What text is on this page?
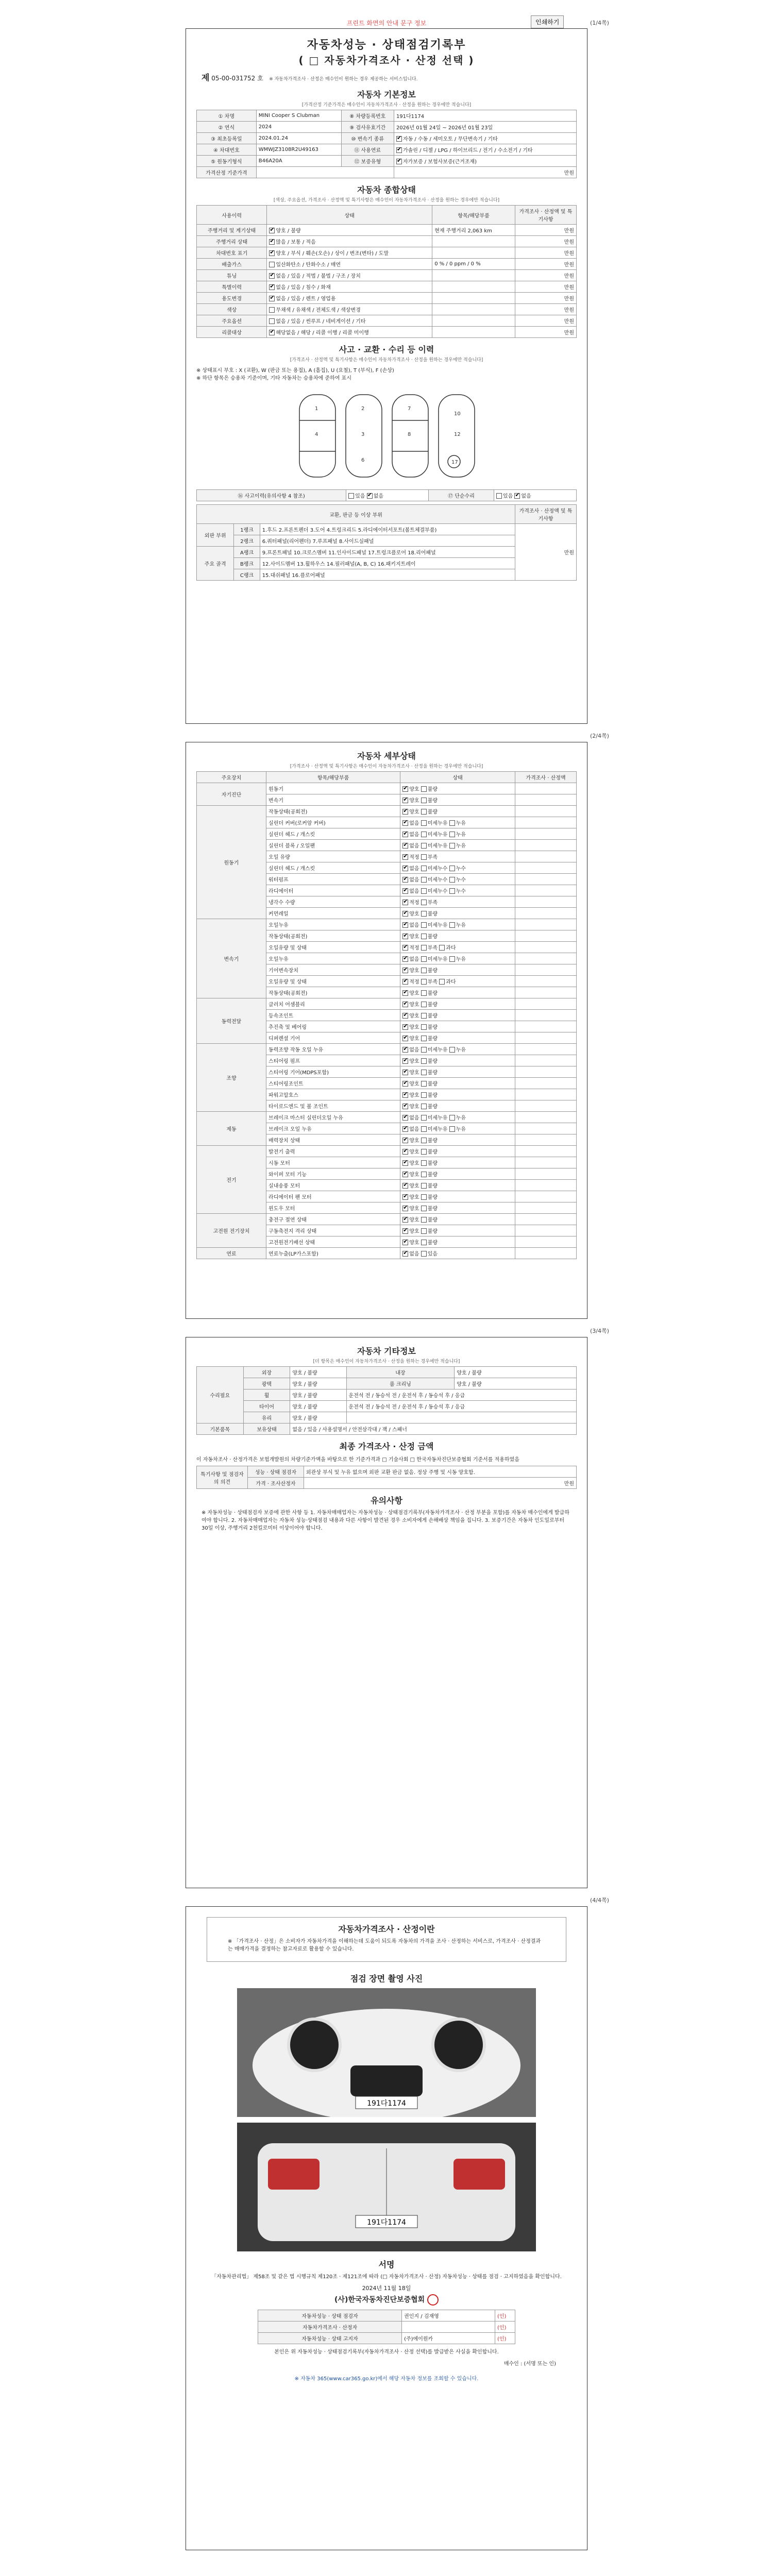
프린트 화면의 안내 문구 정보	인쇄하기	(1/4쪽)
자동차성능 · 상태점검기록부
( □ 자동차가격조사 · 산정 선택 )
제 05-00-031752 호 ※ 자동차가격조사 · 산정은 매수인이 원하는 경우 제공하는 서비스입니다.
자동차 기본정보
[가격산정 기준가격은 매수인이 자동차가격조사 · 산정을 원하는 경우에만 적습니다]
① 차명	MINI Cooper S Clubman	⑧ 차량등록번호	191다1174
② 연식	2024	⑨ 검사유효기간	2026년 01월 24일 ~ 2026년 01월 23일
③ 최초등록일	2024.01.24	⑩ 변속기 종류	✔자동 / 수동 / 세미오토 / 무단변속기 / 기타
④ 차대번호	WMWJZ3108R2U49163	⑪ 사용연료	✔가솔린 / 디젤 / LPG / 하이브리드 / 전기 / 수소전기 / 기타
⑤ 원동기형식	B46A20A	⑫ 보증유형	✔자가보증 / 보험사보증(근거조재)
가격산정 기준가격			만원
자동차 종합상태
[색상, 주요옵션, 가격조사 · 산정액 및 특기사항은 매수인이 자동차가격조사 · 산정을 원하는 경우에만 적습니다]
사용이력	상태	항목/해당부품	가격조사 · 산정액 및 특기사항
주행거리 및 계기상태	✔양호 / 불량	현재 주행거리 2,063 km	만원
주행거리 상태	✔많음 / 보통 / 적음		만원
차대번호 표기	✔양호 / 부식 / 훼손(오손) / 상이 / 변조(변타) / 도말		만원
배출가스	일산화탄소 / 탄화수소 / 매연	0 % / 0 ppm / 0 %	만원
튜닝	✔없음 / 있음 / 적법 / 불법 / 구조 / 장치		만원
특별이력	✔없음 / 있음 / 침수 / 화재		만원
용도변경	✔없음 / 있음 / 렌트 / 영업용		만원
색상	무채색 / 유채색 / 전체도색 / 색상변경		만원
주요옵션	없음 / 있음 / 썬루프 / 네비게이션 / 기타		만원
리콜대상	✔해당없음 / 해당 / 리콜 이행 / 리콜 미이행		만원
사고 · 교환 · 수리 등 이력
[가격조사 · 산정액 및 특기사항은 매수인이 자동차가격조사 · 산정을 원하는 경우에만 적습니다]
※ 상태표시 부호 : X (교환), W (판금 또는 용접), A (흠집), U (요철), T (부식), F (손상)
※ 하단 항목은 승용차 기준이며, 기타 자동차는 승용차에 준하여 표시
1
4
2
3
6
7
8
10
12
17
⑯ 사고이력(유의사항 4 참조)	있음 ✔ 없음	⑰ 단순수리	있음 ✔ 없음
교환, 판금 등 이상 부위			가격조사 · 산정액 및 특기사항
외판 부위	1랭크	1.후드 2.프론트펜더 3.도어 4.트렁크리드 5.라디에이터서포트(볼트체결부품)	만원
	2랭크	6.쿼터패널(리어펜더) 7.루프패널 8.사이드실패널	
주요 골격	A랭크	9.프론트패널 10.크로스멤버 11.인사이드패널 17.트렁크플로어 18.리어패널	
	B랭크	12.사이드멤버 13.휠하우스 14.필러패널(A, B, C) 16.패키지트레이	
	C랭크	15.대쉬패널 16.플로어패널	
(2/4쪽)
자동차 세부상태
[가격조사 · 산정액 및 특기사항은 매수인이 자동차가격조사 · 산정을 원하는 경우에만 적습니다]
주요장치	항목/해당부품	상태	가격조사 · 산정액
자기진단	원동기	✔양호 불량	
	변속기	✔양호 불량	
원동기	작동상태(공회전)	✔양호 불량	
	실린더 커버(로커암 커버)	✔없음 미세누유 누유	
	실린더 헤드 / 개스킷	✔없음 미세누유 누유	
	실린더 블록 / 오일팬	✔없음 미세누유 누유	
	오일 유량	✔적정 부족	
	실린더 헤드 / 개스킷	✔없음 미세누수 누수	
	워터펌프	✔없음 미세누수 누수	
	라디에이터	✔없음 미세누수 누수	
	냉각수 수량	✔적정 부족	
	커먼레일	✔양호 불량	
변속기	오일누유	✔없음 미세누유 누유	
	작동상태(공회전)	✔양호 불량	
	오일유량 및 상태	✔적정 부족 과다	
	오일누유	✔없음 미세누유 누유	
	기어변속장치	✔양호 불량	
	오일유량 및 상태	✔적정 부족 과다	
	작동상태(공회전)	✔양호 불량	
동력전달	클러치 어셈블리	✔양호 불량	
	등속조인트	✔양호 불량	
	추진축 및 베어링	✔양호 불량	
	디퍼렌셜 기어	✔양호 불량	
조향	동력조향 작동 오일 누유	✔없음 미세누유 누유	
	스티어링 펌프	✔양호 불량	
	스티어링 기어(MDPS포함)	✔양호 불량	
	스티어링조인트	✔양호 불량	
	파워고압호스	✔양호 불량	
	타이로드엔드 및 볼 조인트	✔양호 불량	
제동	브레이크 마스터 실린더오일 누유	✔없음 미세누유 누유	
	브레이크 오일 누유	✔없음 미세누유 누유	
	배력장치 상태	✔양호 불량	
전기	발전기 출력	✔양호 불량	
	시동 모터	✔양호 불량	
	와이퍼 모터 기능	✔양호 불량	
	실내송풍 모터	✔양호 불량	
	라디에이터 팬 모터	✔양호 불량	
	윈도우 모터	✔양호 불량	
고전원 전기장치	충전구 절연 상태	✔양호 불량	
	구동축전지 격리 상태	✔양호 불량	
	고전원전기배선 상태	✔양호 불량	
연료	연료누출(LP가스포함)	✔없음 있음	
(3/4쪽)
자동차 기타정보
[더 항목은 매수인이 자동차가격조사 · 산정을 원하는 경우에만 적습니다]
수리필요	외장	양호 / 불량	내장	양호 / 불량
	광택	양호 / 불량	룸 크리닝	양호 / 불량
	휠	양호 / 불량	운전석 전 / 동승석 전 / 운전석 후 / 동승석 후 / 응급	
	타이어	양호 / 불량	운전석 전 / 동승석 전 / 운전석 후 / 동승석 후 / 응급	
	유리	양호 / 불량		
기본품목	보유상태	없음 / 있음 / 사용설명서 / 안전삼각대 / 잭 / 스패너		
최종 가격조사 · 산정 금액
이 자동차조사 · 산정가격은 보험개발원의 차량기준가액을 바탕으로 한 기준가격과 □ 기술사회 □ 한국자동차진단보증협회 기준서를 적용하였음
특기사항 및 점검자의 의견	성능 · 상태 점검자	외관상 부식 및 누유 없으며 외판 교환 판금 없음. 정상 주행 및 시동 양호함.
	가격 · 조사산정자	만원
유의사항
※ 자동차성능 · 상태점검자 보증에 관한 사항 등 1. 자동차매매업자는 자동차성능 · 상태점검기록부(자동차가격조사 · 산정 부분을 포함)를 자동차 매수인에게 발급하여야 합니다. 2. 자동차매매업자는 자동차 성능·상태점검 내용과 다른 사항이 발견된 경우 소비자에게 손해배상 책임을 집니다. 3. 보증기간은 자동차 인도일로부터 30일 이상, 주행거리 2천킬로미터 이상이어야 합니다.
(4/4쪽)
자동차가격조사 · 산정이란
※ 「가격조사 · 산정」은 소비자가 자동차가격을 이해하는데 도움이 되도록 자동차의 가격을 조사 · 산정하는 서비스로, 가격조사 · 산정결과는 매매가격을 결정하는 참고자료로 활용할 수 있습니다.
점검 장면 촬영 사진
191다1174
191다1174
서명
「자동차관리법」 제58조 및 같은 법 시행규칙 제120조 · 제121조에 따라 (□ 자동차가격조사 · 산정) 자동차성능 · 상태를 점검 · 고지하였음을 확인합니다.
2024년 11월 18일
(사)한국자동차진단보증협회
자동차성능 · 상태 점검자	권인지 / 김재영	(인)
자동차가격조사 · 산정자		(인)
자동차성능 · 상태 고지자	(주)에이원카	(인)
본인은 위 자동차성능 · 상태점검기록부(자동차가격조사 · 산정 선택)를 발급받은 사실을 확인합니다.
매수인 : (서명 또는 인)
※ 자동차 365(www.car365.go.kr)에서 해당 자동차 정보를 조회할 수 있습니다.
